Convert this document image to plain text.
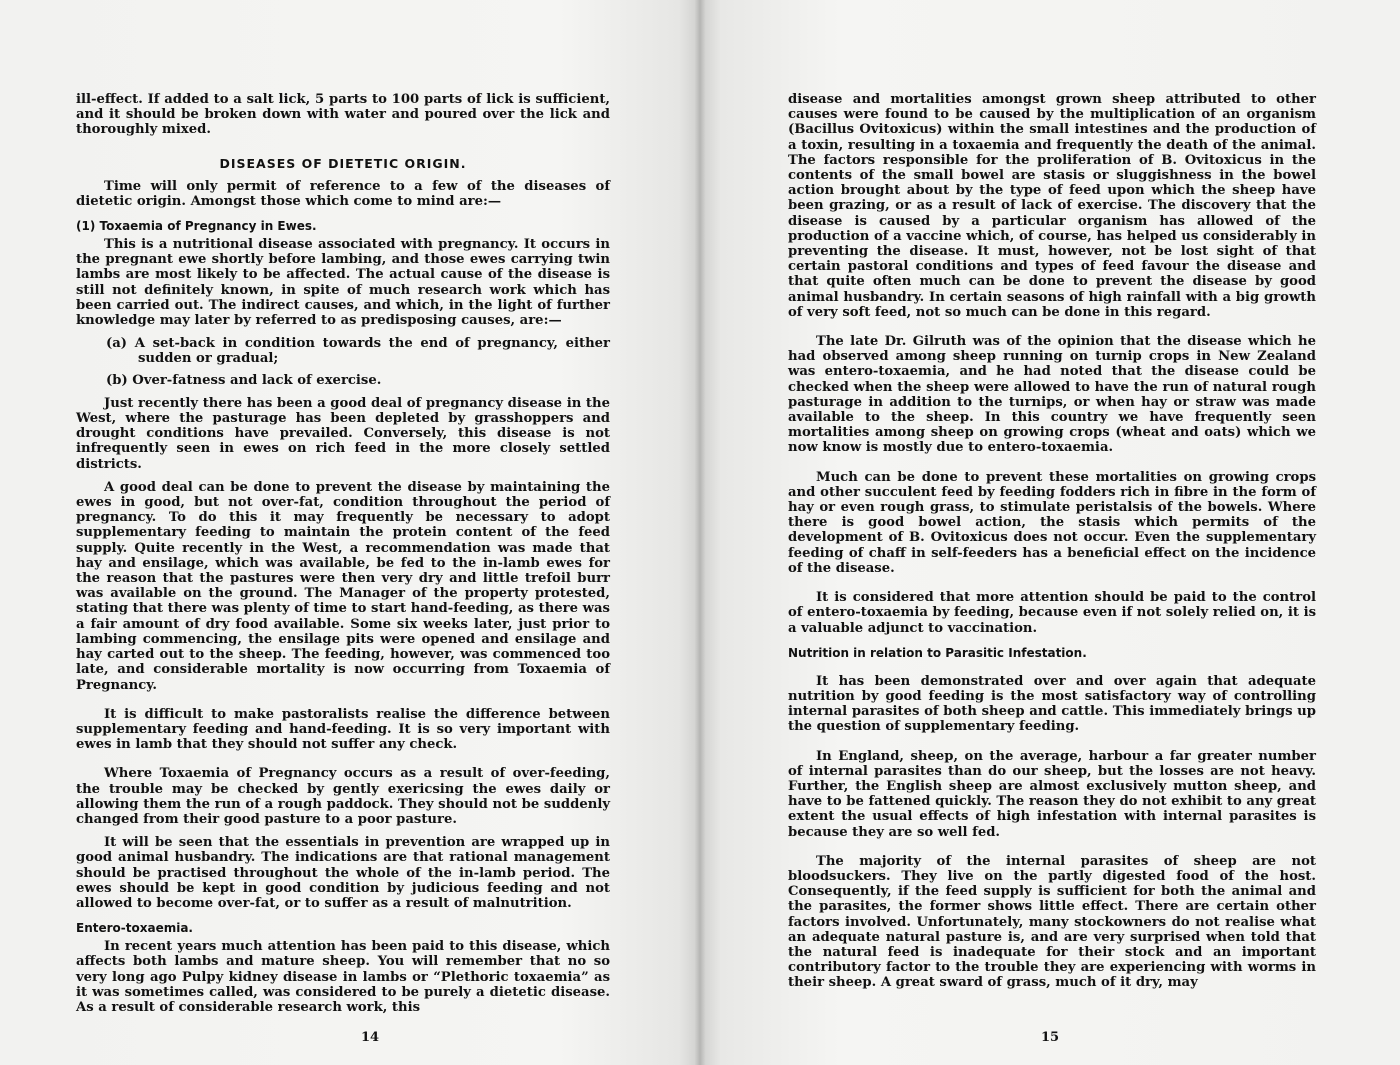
ill-effect. If added to a salt lick, 5 parts to 100 parts of lick is sufficient, and it should be broken down with water and poured over the lick and thoroughly mixed.

DISEASES OF DIETETIC ORIGIN.

Time will only permit of reference to a few of the diseases of dietetic origin. Amongst those which come to mind are:—

(1) Toxaemia of Pregnancy in Ewes.

This is a nutritional disease associated with pregnancy. It occurs in the pregnant ewe shortly before lambing, and those ewes carrying twin lambs are most likely to be affected. The actual cause of the disease is still not definitely known, in spite of much research work which has been carried out. The indirect causes, and which, in the light of further knowledge may later by referred to as predisposing causes, are:—

(a) A set-back in condition towards the end of pregnancy, either sudden or gradual;
(b) Over-fatness and lack of exercise.

Just recently there has been a good deal of pregnancy disease in the West, where the pasturage has been depleted by grasshoppers and drought conditions have prevailed. Conversely, this disease is not infrequently seen in ewes on rich feed in the more closely settled districts.

A good deal can be done to prevent the disease by maintaining the ewes in good, but not over-fat, condition throughout the period of pregnancy. To do this it may frequently be necessary to adopt supplementary feeding to maintain the protein content of the feed supply. Quite recently in the West, a recommendation was made that hay and ensilage, which was available, be fed to the in-lamb ewes for the reason that the pastures were then very dry and little trefoil burr was available on the ground. The Manager of the property protested, stating that there was plenty of time to start hand-feeding, as there was a fair amount of dry food available. Some six weeks later, just prior to lambing commencing, the ensilage pits were opened and ensilage and hay carted out to the sheep. The feeding, however, was commenced too late, and considerable mortality is now occurring from Toxaemia of Pregnancy.

It is difficult to make pastoralists realise the difference between supplementary feeding and hand-feeding. It is so very important with ewes in lamb that they should not suffer any check.

Where Toxaemia of Pregnancy occurs as a result of over-feeding, the trouble may be checked by gently exericsing the ewes daily or allowing them the run of a rough paddock. They should not be suddenly changed from their good pasture to a poor pasture.

It will be seen that the essentials in prevention are wrapped up in good animal husbandry. The indications are that rational management should be practised throughout the whole of the in-lamb period. The ewes should be kept in good condition by judicious feeding and not allowed to become over-fat, or to suffer as a result of malnutrition.

Entero-toxaemia.

In recent years much attention has been paid to this disease, which affects both lambs and mature sheep. You will remember that no so very long ago Pulpy kidney disease in lambs or “Plethoric toxaemia” as it was sometimes called, was considered to be purely a dietetic disease. As a result of considerable research work, this

14

disease and mortalities amongst grown sheep attributed to other causes were found to be caused by the multiplication of an organism (Bacillus Ovitoxicus) within the small intestines and the production of a toxin, resulting in a toxaemia and frequently the death of the animal. The factors responsible for the proliferation of B. Ovitoxicus in the contents of the small bowel are stasis or sluggishness in the bowel action brought about by the type of feed upon which the sheep have been grazing, or as a result of lack of exercise. The discovery that the disease is caused by a particular organism has allowed of the production of a vaccine which, of course, has helped us considerably in preventing the disease. It must, however, not be lost sight of that certain pastoral conditions and types of feed favour the disease and that quite often much can be done to prevent the disease by good animal husbandry. In certain seasons of high rainfall with a big growth of very soft feed, not so much can be done in this regard.

The late Dr. Gilruth was of the opinion that the disease which he had observed among sheep running on turnip crops in New Zealand was entero-toxaemia, and he had noted that the disease could be checked when the sheep were allowed to have the run of natural rough pasturage in addition to the turnips, or when hay or straw was made available to the sheep. In this country we have frequently seen mortalities among sheep on growing crops (wheat and oats) which we now know is mostly due to entero-toxaemia.

Much can be done to prevent these mortalities on growing crops and other succulent feed by feeding fodders rich in fibre in the form of hay or even rough grass, to stimulate peristalsis of the bowels. Where there is good bowel action, the stasis which permits of the development of B. Ovitoxicus does not occur. Even the supplementary feeding of chaff in self-feeders has a beneficial effect on the incidence of the disease.

It is considered that more attention should be paid to the control of entero-toxaemia by feeding, because even if not solely relied on, it is a valuable adjunct to vaccination.

Nutrition in relation to Parasitic Infestation.

It has been demonstrated over and over again that adequate nutrition by good feeding is the most satisfactory way of controlling internal parasites of both sheep and cattle. This immediately brings up the question of supplementary feeding.

In England, sheep, on the average, harbour a far greater number of internal parasites than do our sheep, but the losses are not heavy. Further, the English sheep are almost exclusively mutton sheep, and have to be fattened quickly. The reason they do not exhibit to any great extent the usual effects of high infestation with internal parasites is because they are so well fed.

The majority of the internal parasites of sheep are not bloodsuckers. They live on the partly digested food of the host. Consequently, if the feed supply is sufficient for both the animal and the parasites, the former shows little effect. There are certain other factors involved. Unfortunately, many stockowners do not realise what an adequate natural pasture is, and are very surprised when told that the natural feed is inadequate for their stock and an important contributory factor to the trouble they are experiencing with worms in their sheep. A great sward of grass, much of it dry, may

15
